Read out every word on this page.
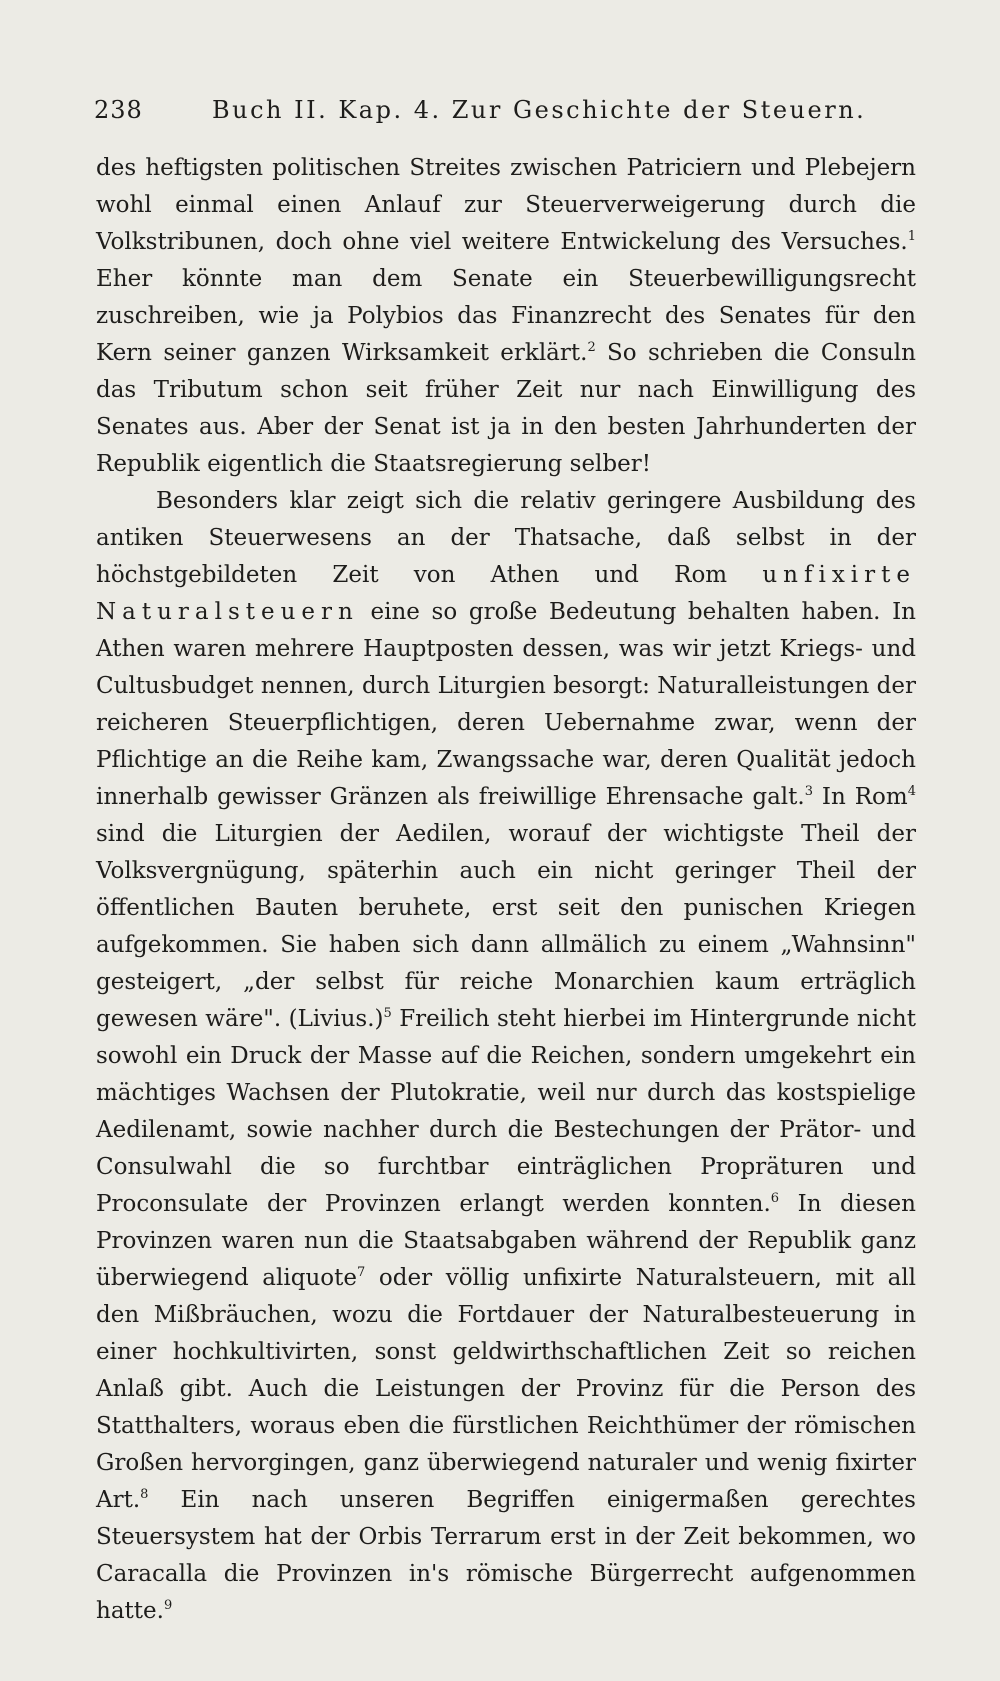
238	Buch II. Kap. 4. Zur Geschichte der Steuern.

des heftigsten politischen Streites zwischen Patriciern und Plebejern wohl einmal einen Anlauf zur Steuerverweigerung durch die Volkstribunen, doch ohne viel weitere Entwickelung des Versuches.$^1$ Eher könnte man dem Senate ein Steuerbewilligungsrecht zuschreiben, wie ja Polybios das Finanzrecht des Senates für den Kern seiner ganzen Wirksamkeit erklärt.$^2$ So schrieben die Consuln das Tributum schon seit früher Zeit nur nach Einwilligung des Senates aus. Aber der Senat ist ja in den besten Jahrhunderten der Republik eigentlich die Staatsregierung selber!

Besonders klar zeigt sich die relativ geringere Ausbildung des antiken Steuerwesens an der Thatsache, daß selbst in der höchstgebildeten Zeit von Athen und Rom unfixirte Naturalsteuern eine so große Bedeutung behalten haben. In Athen waren mehrere Hauptposten dessen, was wir jetzt Kriegs- und Cultusbudget nennen, durch Liturgien besorgt: Naturalleistungen der reicheren Steuerpflichtigen, deren Uebernahme zwar, wenn der Pflichtige an die Reihe kam, Zwangssache war, deren Qualität jedoch innerhalb gewisser Gränzen als freiwillige Ehrensache galt.$^3$ In Rom$^4$ sind die Liturgien der Aedilen, worauf der wichtigste Theil der Volksvergnügung, späterhin auch ein nicht geringer Theil der öffentlichen Bauten beruhete, erst seit den punischen Kriegen aufgekommen. Sie haben sich dann allmälich zu einem „Wahnsinn" gesteigert, „der selbst für reiche Monarchien kaum erträglich gewesen wäre". (Livius.)$^5$ Freilich steht hierbei im Hintergrunde nicht sowohl ein Druck der Masse auf die Reichen, sondern umgekehrt ein mächtiges Wachsen der Plutokratie, weil nur durch das kostspielige Aedilenamt, sowie nachher durch die Bestechungen der Prätor- und Consulwahl die so furchtbar einträglichen Propräturen und Proconsulate der Provinzen erlangt werden konnten.$^6$ In diesen Provinzen waren nun die Staatsabgaben während der Republik ganz überwiegend aliquote$^7$ oder völlig unfixirte Naturalsteuern, mit all den Mißbräuchen, wozu die Fortdauer der Naturalbesteuerung in einer hochkultivirten, sonst geldwirthschaftlichen Zeit so reichen Anlaß gibt. Auch die Leistungen der Provinz für die Person des Statthalters, woraus eben die fürstlichen Reichthümer der römischen Großen hervorgingen, ganz überwiegend naturaler und wenig fixirter Art.$^8$ Ein nach unseren Begriffen einigermaßen gerechtes Steuersystem hat der Orbis Terrarum erst in der Zeit bekommen, wo Caracalla die Provinzen in's römische Bürgerrecht aufgenommen hatte.$^9$
